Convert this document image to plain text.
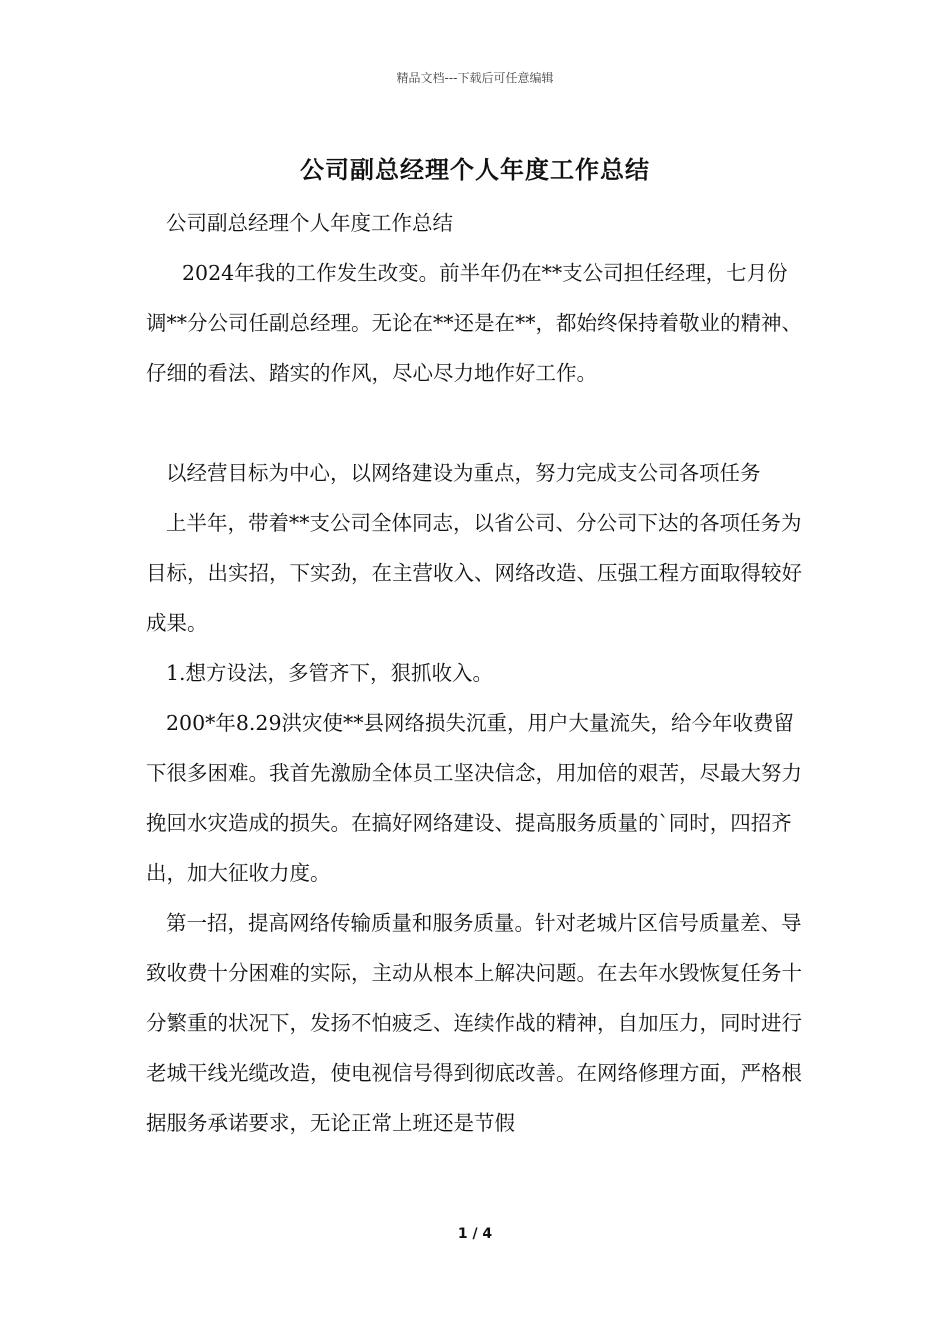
精品文档---下载后可任意编辑
公司副总经理个人年度工作总结

公司副总经理个人年度工作总结

2024年我的工作发生改变。前半年仍在**支公司担任经理，七月份调**分公司任副总经理。无论在**还是在**，都始终保持着敬业的精神、仔细的看法、踏实的作风，尽心尽力地作好工作。

以经营目标为中心，以网络建设为重点，努力完成支公司各项任务

上半年，带着**支公司全体同志，以省公司、分公司下达的各项任务为目标，出实招，下实劲，在主营收入、网络改造、压强工程方面取得较好成果。

1.想方设法，多管齐下，狠抓收入。

200*年8.29洪灾使**县网络损失沉重，用户大量流失，给今年收费留下很多困难。我首先激励全体员工坚决信念，用加倍的艰苦，尽最大努力挽回水灾造成的损失。在搞好网络建设、提高服务质量的`同时，四招齐出，加大征收力度。

第一招，提高网络传输质量和服务质量。针对老城片区信号质量差、导致收费十分困难的实际，主动从根本上解决问题。在去年水毁恢复任务十分繁重的状况下，发扬不怕疲乏、连续作战的精神，自加压力，同时进行老城干线光缆改造，使电视信号得到彻底改善。在网络修理方面，严格根据服务承诺要求，无论正常上班还是节假

1 / 4
